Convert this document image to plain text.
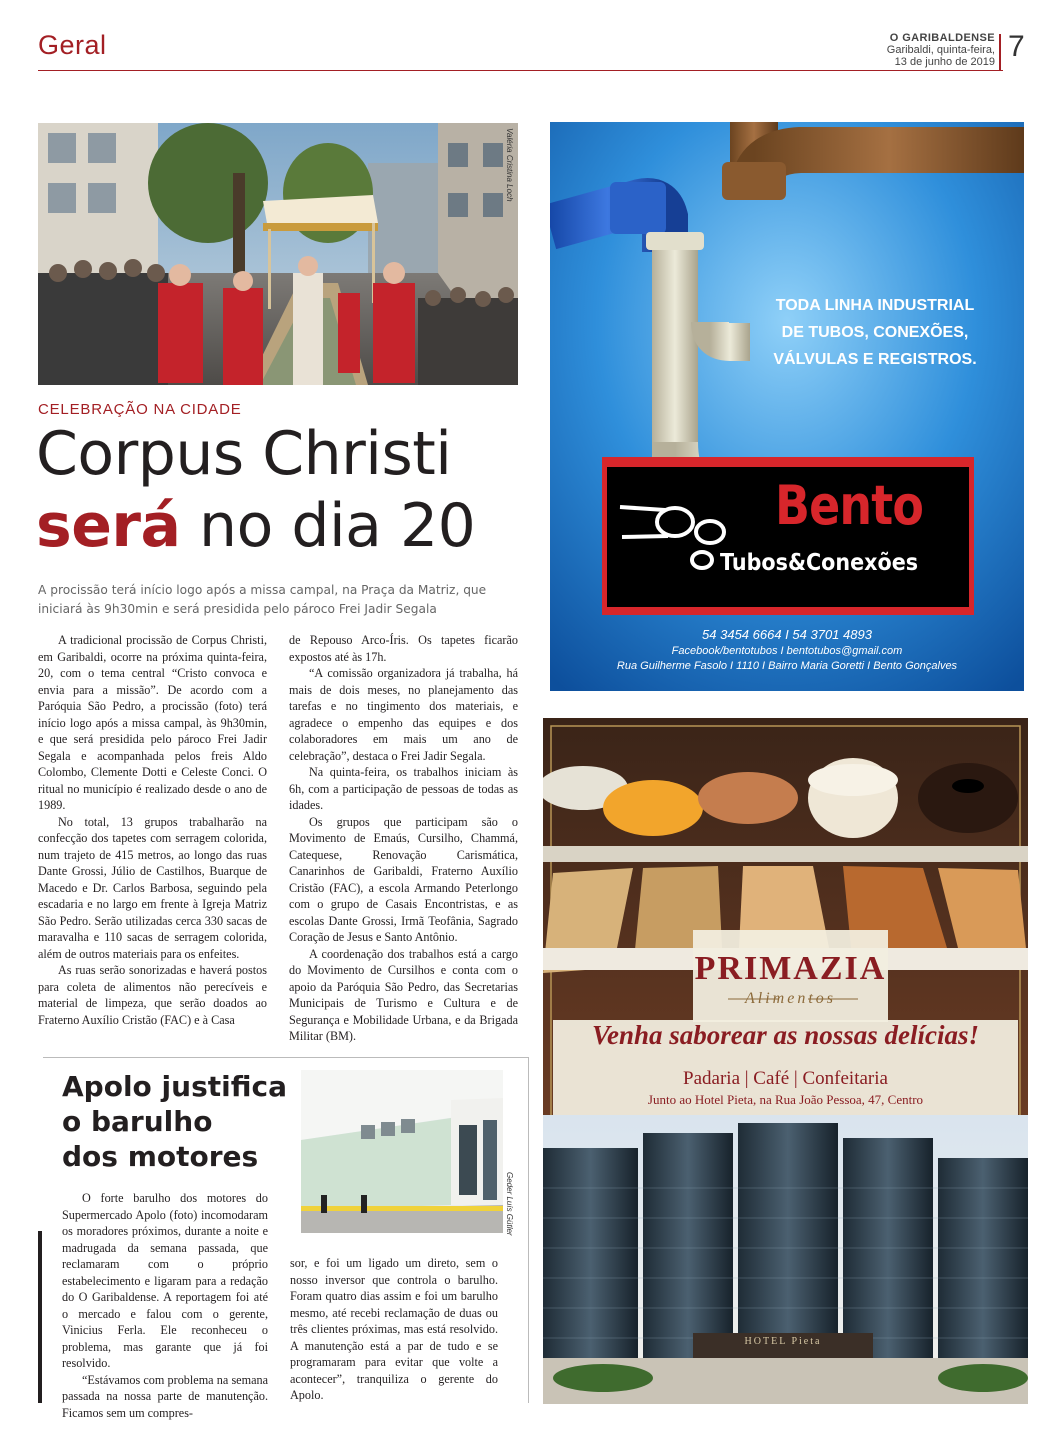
Geral	O GARIBALDENSE
Garibaldi, quinta-feira,
13 de junho de 2019 7
Valéria Cristina Loch
CELEBRAÇÃO NA CIDADE
Corpus Christi
será no dia 20
A procissão terá início logo após a missa campal, na Praça da Matriz, que iniciará às 9h30min e será presidida pelo pároco Frei Jadir Segala

A tradicional procissão de Corpus Christi, em Garibaldi, ocorre na próxima quinta-feira, 20, com o tema central “Cristo convoca e envia para a missão”. De acordo com a Paróquia São Pedro, a procissão (foto) terá início logo após a missa campal, às 9h30min, e que será presidida pelo pároco Frei Jadir Segala e acompanhada pelos freis Aldo Colombo, Clemente Dotti e Celeste Conci. O ritual no município é realizado desde o ano de 1989.

No total, 13 grupos trabalharão na confecção dos tapetes com serragem colorida, num trajeto de 415 metros, ao longo das ruas Dante Grossi, Júlio de Castilhos, Buarque de Macedo e Dr. Carlos Barbosa, seguindo pela escadaria e no largo em frente à Igreja Matriz São Pedro. Serão utilizadas cerca 330 sacas de maravalha e 110 sacas de serragem colorida, além de outros materiais para os enfeites.

As ruas serão sonorizadas e haverá postos para coleta de alimentos não perecíveis e material de limpeza, que serão doados ao Fraterno Auxílio Cristão (FAC) e à Casa

de Repouso Arco-Íris. Os tapetes ficarão expostos até às 17h.

“A comissão organizadora já trabalha, há mais de dois meses, no planejamento das tarefas e no tingimento dos materiais, e agradece o empenho das equipes e dos colaboradores em mais um ano de celebração”, destaca o Frei Jadir Segala.

Na quinta-feira, os trabalhos iniciam às 6h, com a participação de pessoas de todas as idades.

Os grupos que participam são o Movimento de Emaús, Cursilho, Chammá, Catequese, Renovação Carismática, Canarinhos de Garibaldi, Fraterno Auxílio Cristão (FAC), a escola Armando Peterlongo com o grupo de Casais Encontristas, e as escolas Dante Grossi, Irmã Teofânia, Sagrado Coração de Jesus e Santo Antônio.

A coordenação dos trabalhos está a cargo do Movimento de Cursilhos e conta com o apoio da Paróquia São Pedro, das Secretarias Municipais de Turismo e Cultura e de Segurança e Mobilidade Urbana, e da Brigada Militar (BM).

Apolo justifica
o barulho
dos motores
Geder Luís Gütler

O forte barulho dos motores do Supermercado Apolo (foto) incomodaram os moradores próximos, durante a noite e madrugada da semana passada, que reclamaram com o próprio estabelecimento e ligaram para a redação do O Garibaldense. A reportagem foi até o mercado e falou com o gerente, Vinicius Ferla. Ele reconheceu o problema, mas garante que já foi resolvido.

“Estávamos com problema na semana passada na nossa parte de manutenção. Ficamos sem um compres-

sor, e foi um ligado um direto, sem o nosso inversor que controla o barulho. Foram quatro dias assim e foi um barulho mesmo, até recebi reclamação de duas ou três clientes próximas, mas está resolvido. A manutenção está a par de tudo e se programaram para evitar que volte a acontecer”, tranquiliza o gerente do Apolo.

TODA LINHA INDUSTRIAL
DE TUBOS, CONEXÕES,
VÁLVULAS E REGISTROS.
Bento
Tubos&Conexões
54 3454 6664 I 54 3701 4893
Facebook/bentotubos I bentotubos@gmail.com
Rua Guilherme Fasolo I 1110 I Bairro Maria Goretti I Bento Gonçalves
PRIMAZIA
Alimentos
Venha saborear as nossas delícias!
Padaria | Café | Confeitaria
Junto ao Hotel Pieta, na Rua João Pessoa, 47, Centro
HOTEL Pieta
